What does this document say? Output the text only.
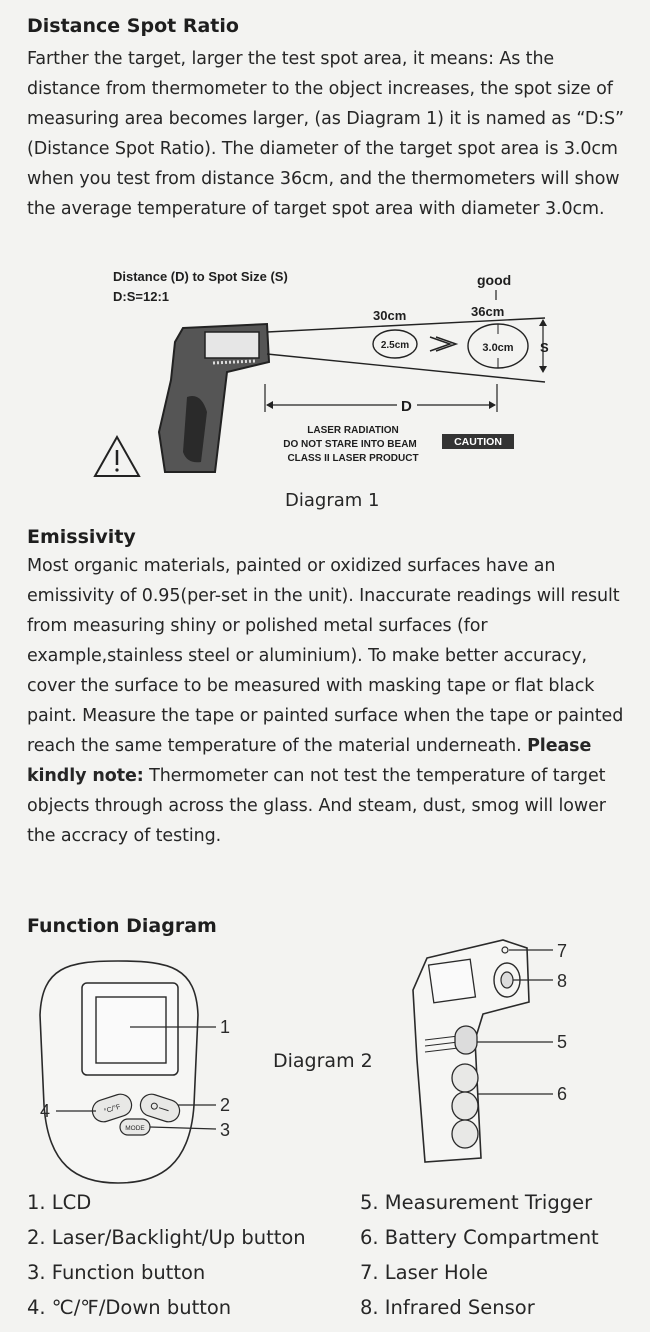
Distance Spot Ratio

Farther the target, larger the test spot area, it means: As the distance from thermometer to the object increases, the spot size of measuring area becomes larger, (as Diagram 1) it is named as “D:S” (Distance Spot Ratio). The diameter of the target spot area is 3.0cm when you test from distance 36cm, and the thermometers will show the average temperature of target spot area with diameter 3.0cm.

Distance (D) to Spot Size (S)
D:S=12:1
30cm
good
36cm
2.5cm	3.0cm S
D
LASER RADIATION
DO NOT STARE INTO BEAM
CLASS II LASER PRODUCT
CAUTION
Diagram 1
Emissivity

Most organic materials, painted or oxidized surfaces have an emissivity of 0.95(per-set in the unit). Inaccurate readings will result from measuring shiny or polished metal surfaces (for example,stainless steel or aluminium). To make better accuracy, cover the surface to be measured with masking tape or flat black paint. Measure the tape or painted surface when the tape or painted reach the same temperature of the material underneath. Please kindly note: Thermometer can not test the temperature of target objects through across the glass. And steam, dust, smog will lower the accracy of testing.

Function Diagram
°C/°F
MODE
1
2
3
4
Diagram 2
7
8
5
6
1. LCD
2. Laser/Backlight/Up button
3. Function button
4. ℃/℉/Down button
5. Measurement Trigger
6. Battery Compartment
7. Laser Hole
8. Infrared Sensor
